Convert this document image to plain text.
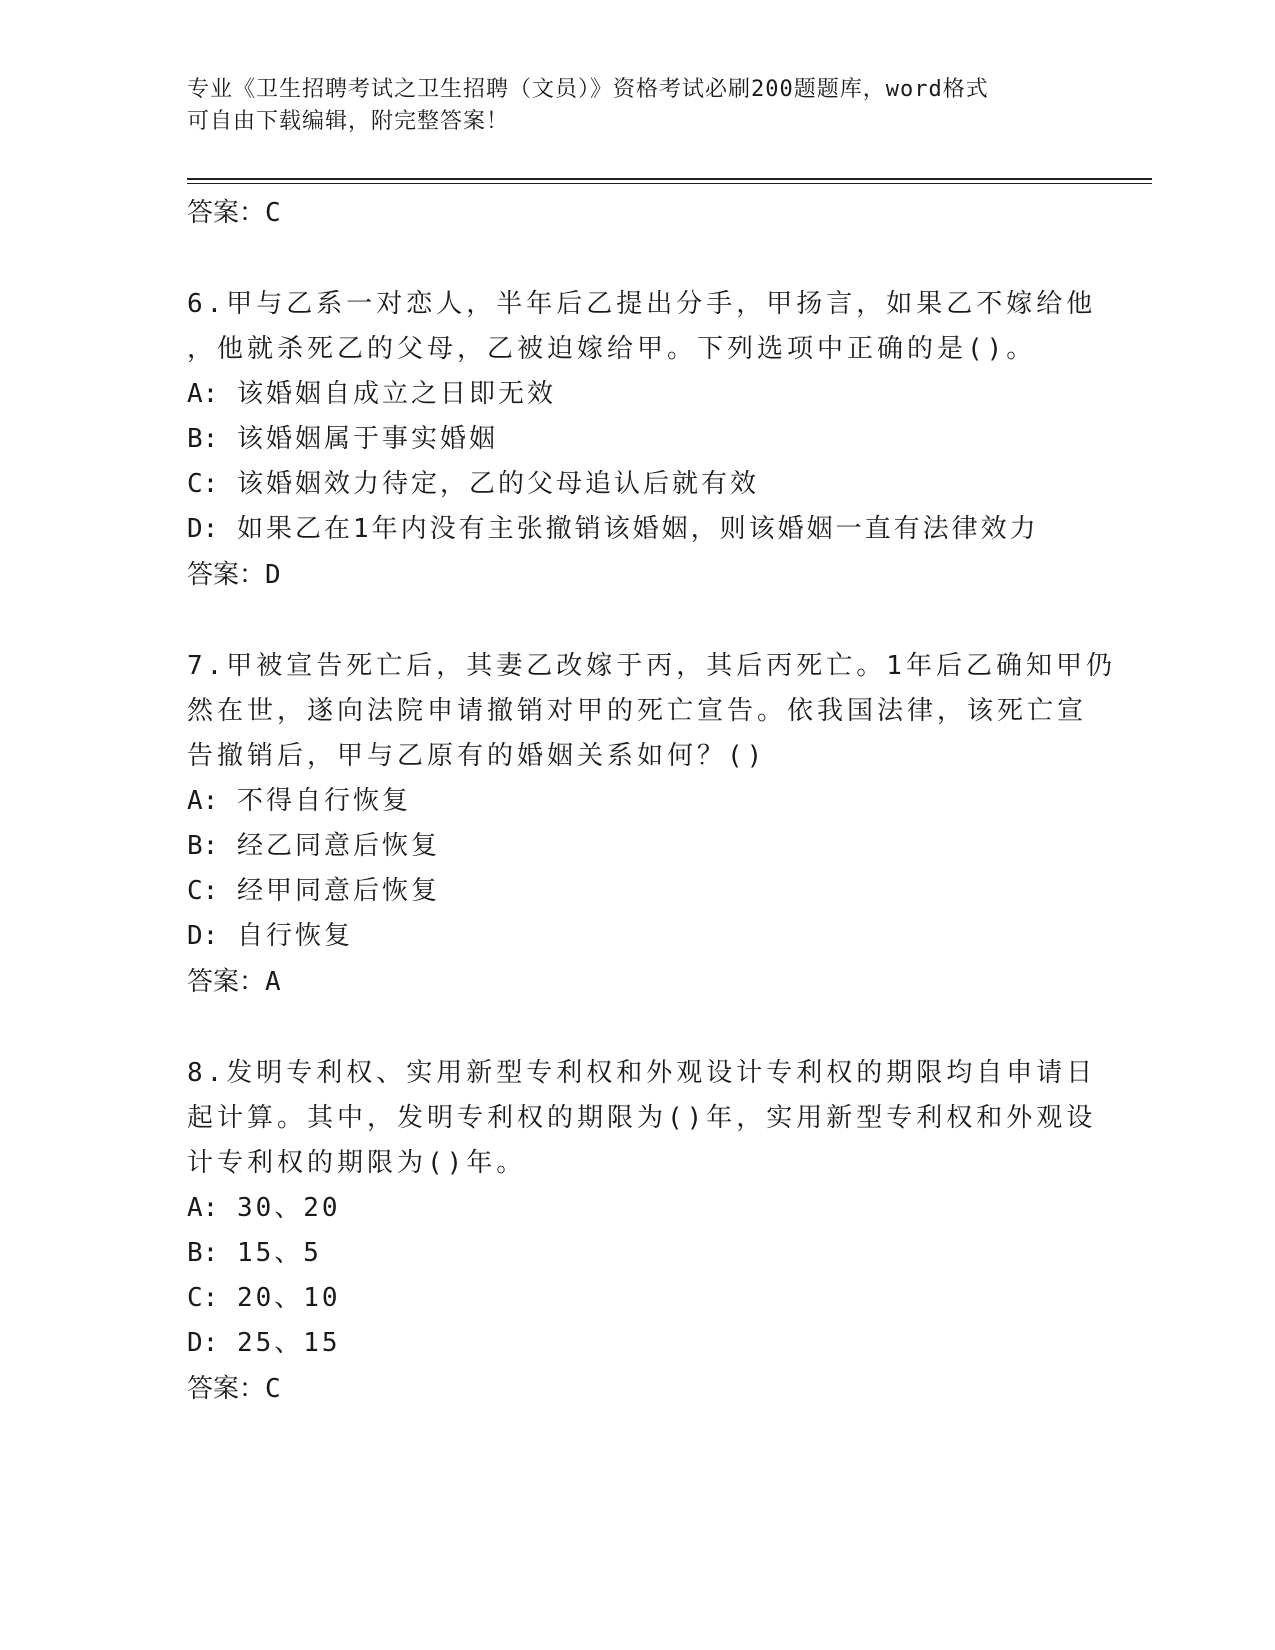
专业《卫生招聘考试之卫生招聘（文员）》资格考试必刷200题题库，word格式
可自由下载编辑，附完整答案！
答案：C
6.甲与乙系一对恋人，半年后乙提出分手，甲扬言，如果乙不嫁给他
，他就杀死乙的父母，乙被迫嫁给甲。下列选项中正确的是()。
A: 该婚姻自成立之日即无效
B: 该婚姻属于事实婚姻
C: 该婚姻效力待定，乙的父母追认后就有效
D: 如果乙在1年内没有主张撤销该婚姻，则该婚姻一直有法律效力
答案：D
7.甲被宣告死亡后，其妻乙改嫁于丙，其后丙死亡。1年后乙确知甲仍
然在世，遂向法院申请撤销对甲的死亡宣告。依我国法律，该死亡宣
告撤销后，甲与乙原有的婚姻关系如何？()
A: 不得自行恢复
B: 经乙同意后恢复
C: 经甲同意后恢复
D: 自行恢复
答案：A
8.发明专利权、实用新型专利权和外观设计专利权的期限均自申请日
起计算。其中，发明专利权的期限为()年，实用新型专利权和外观设
计专利权的期限为()年。
A: 30、20
B: 15、5
C: 20、10
D: 25、15
答案：C
